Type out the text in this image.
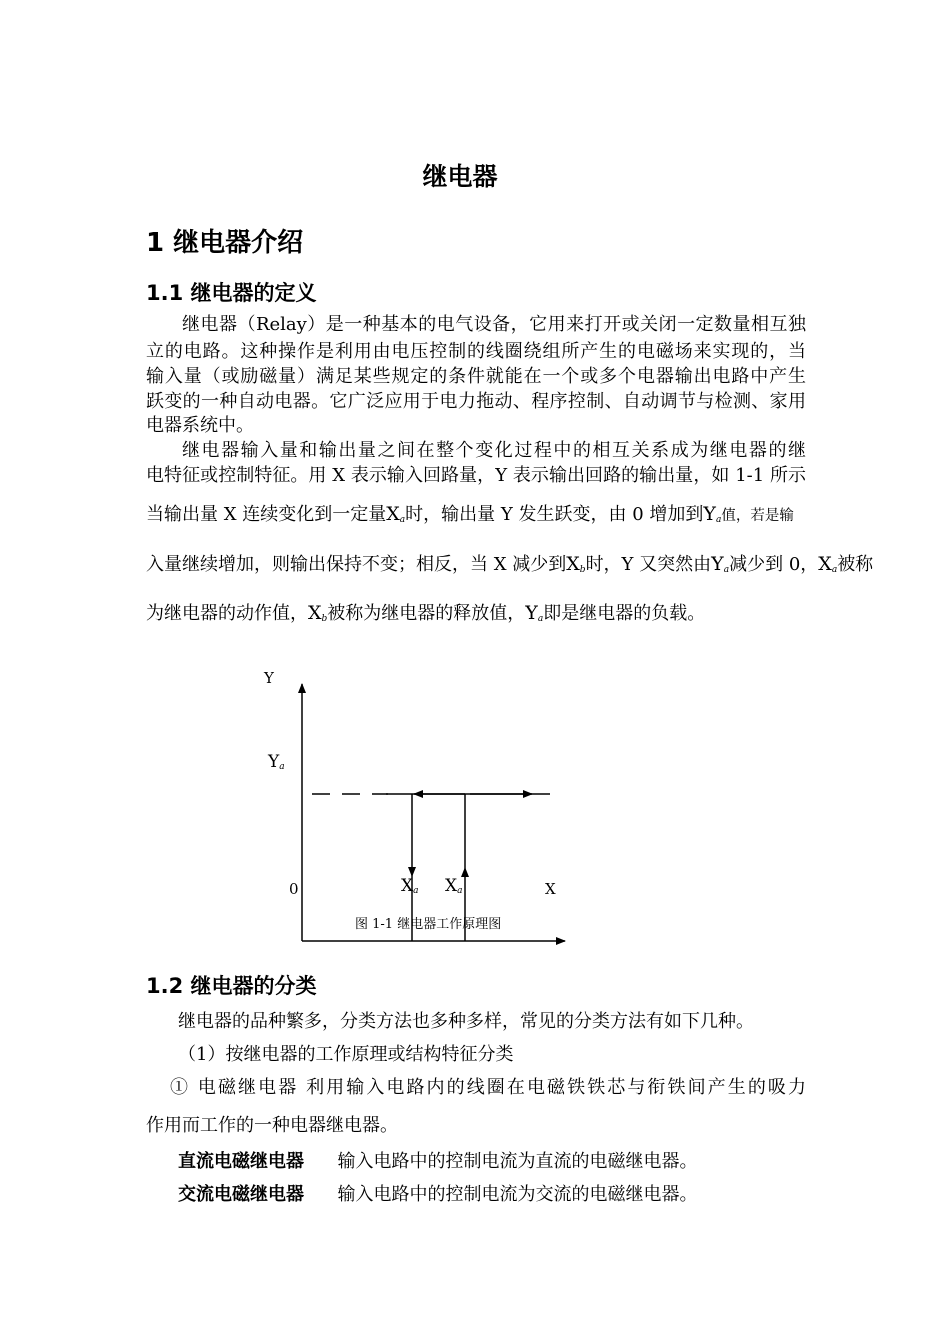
继电器
1 继电器介绍
1.1 继电器的定义
继电器（Relay）是一种基本的电气设备，它用来打开或关闭一定数量相互独
立的电路。这种操作是利用由电压控制的线圈绕组所产生的电磁场来实现的，当
输入量（或励磁量）满足某些规定的条件就能在一个或多个电器输出电路中产生
跃变的一种自动电器。它广泛应用于电力拖动、程序控制、自动调节与检测、家用
电器系统中。
继电器输入量和输出量之间在整个变化过程中的相互关系成为继电器的继
电特征或控制特征。用 X 表示输入回路量，Y 表示输出回路的输出量，如 1-1 所示
当输出量 X 连续变化到一定量$X_a$时，输出量 Y 发生跃变，由 0 增加到$Y_a$值，若是输
入量继续增加，则输出保持不变；相反，当 X 减少到$X_b$时，Y 又突然由$Y_a$减少到 0，$X_a$被称
为继电器的动作值，$X_b$被称为继电器的释放值，$Y_a$即是继电器的负载。
Y
$Y_a$
0	$X_a$ $X_a$	X
图 1-1 继电器工作原理图
1.2 继电器的分类
继电器的品种繁多，分类方法也多种多样，常见的分类方法有如下几种。
（1）按继电器的工作原理或结构特征分类
① 电磁继电器 利用输入电路内的线圈在电磁铁铁芯与衔铁间产生的吸力
作用而工作的一种电器继电器。
直流电磁继电器 输入电路中的控制电流为直流的电磁继电器。
交流电磁继电器 输入电路中的控制电流为交流的电磁继电器。
